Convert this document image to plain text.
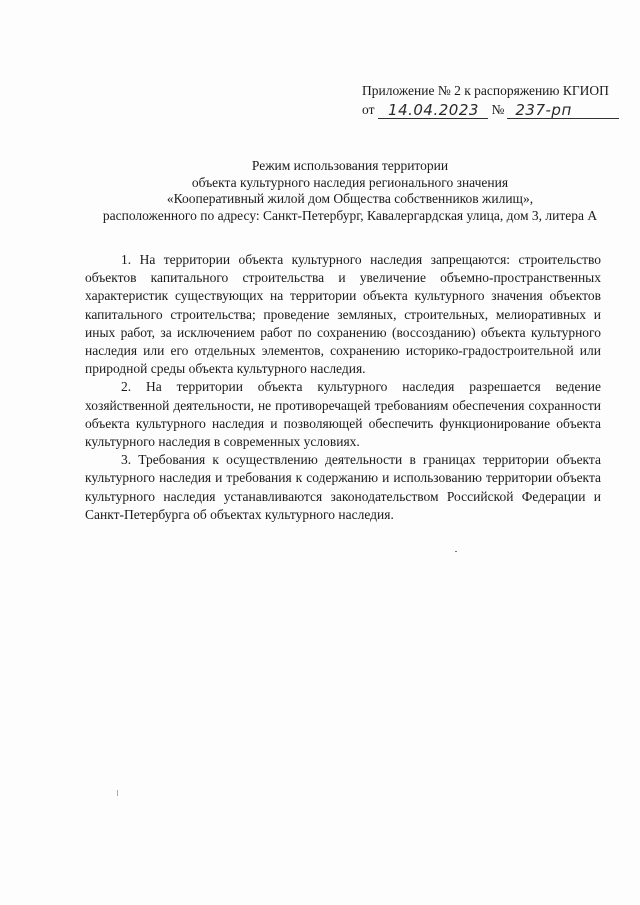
Приложение № 2 к распоряжению КГИОП
от 14.04.2023 № 237-рп
Режим использования территории
объекта культурного наследия регионального значения
«Кооперативный жилой дом Общества собственников жилищ»,
расположенного по адресу: Санкт-Петербург, Кавалергардская улица, дом 3, литера А

1. На территории объекта культурного наследия запрещаются: строительство объектов капитального строительства и увеличение объемно-пространственных характеристик существующих на территории объекта культурного значения объектов капитального строительства; проведение земляных, строительных, мелиоративных и иных работ, за исключением работ по сохранению (воссозданию) объекта культурного наследия или его отдельных элементов, сохранению историко-градостроительной или природной среды объекта культурного наследия.

2. На территории объекта культурного наследия разрешается ведение хозяйственной деятельности, не противоречащей требованиям обеспечения сохранности объекта культурного наследия и позволяющей обеспечить функционирование объекта культурного наследия в современных условиях.

3. Требования к осуществлению деятельности в границах территории объекта культурного наследия и требования к содержанию и использованию территории объекта культурного наследия устанавливаются законодательством Российской Федерации и Санкт-Петербурга об объектах культурного наследия.
